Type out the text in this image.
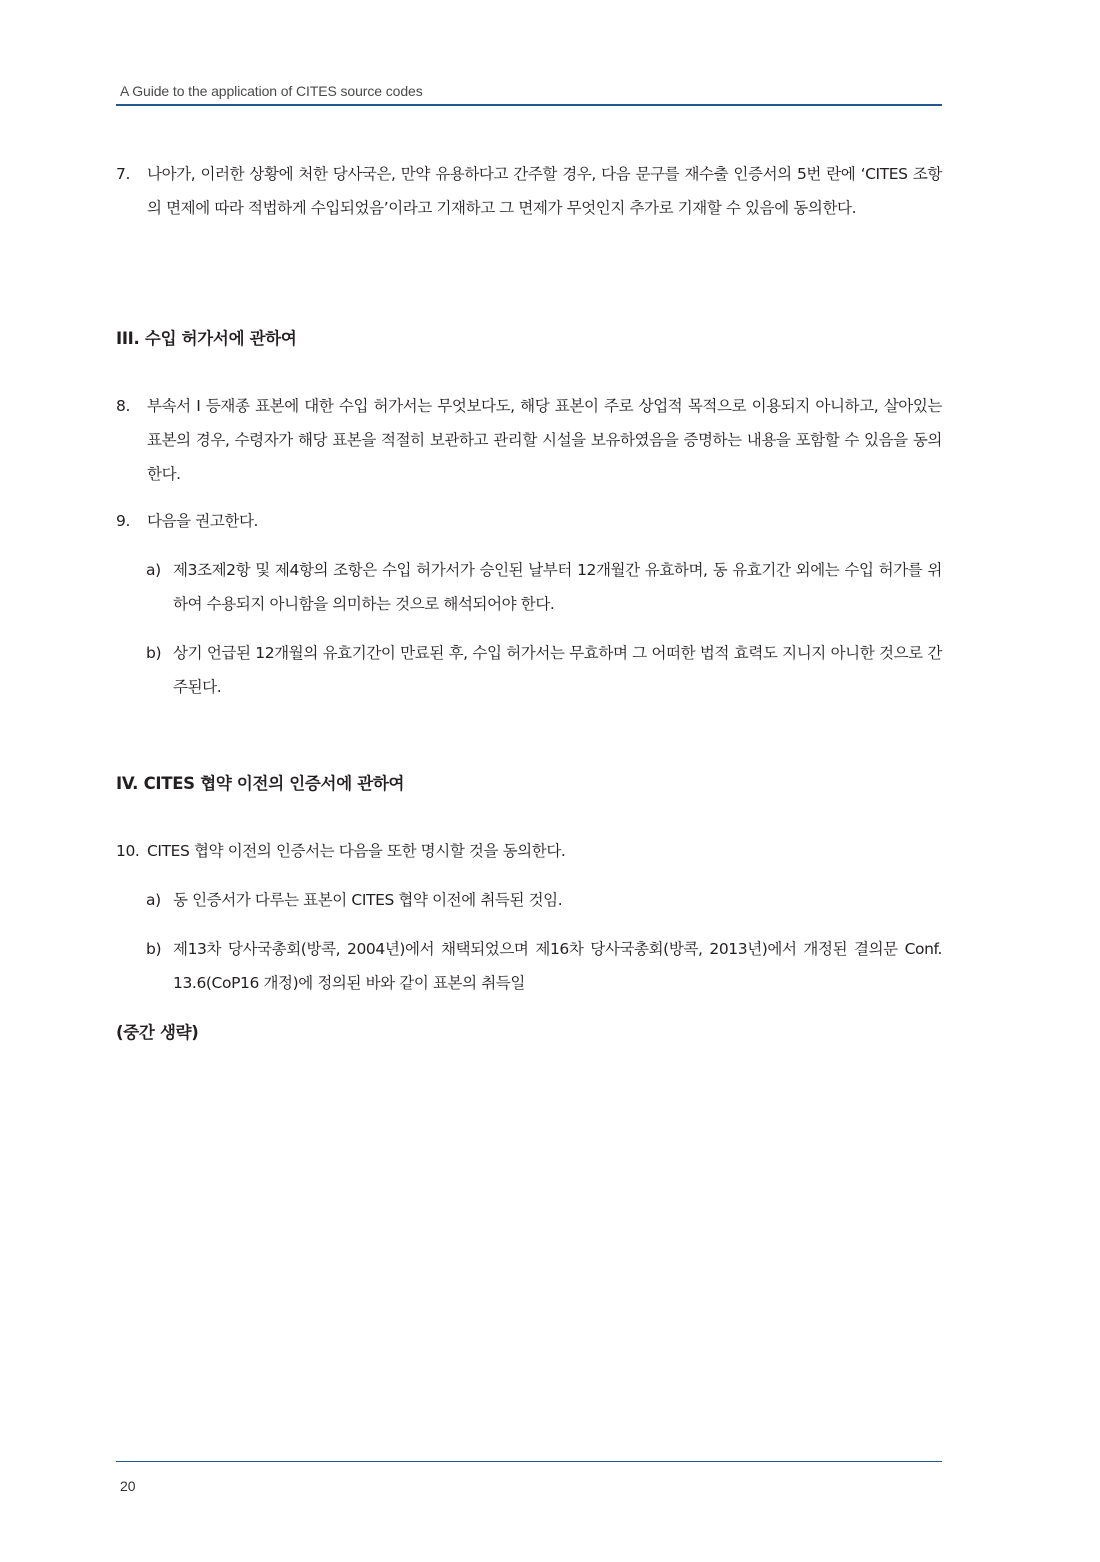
A Guide to the application of CITES source codes
7.	나아가, 이러한 상황에 처한 당사국은, 만약 유용하다고 간주할 경우, 다음 문구를 재수출 인증서의 5번 란에 ‘CITES 조항의 면제에 따라 적법하게 수입되었음’이라고 기재하고 그 면제가 무엇인지 추가로 기재할 수 있음에 동의한다.
III. 수입 허가서에 관하여
8.	부속서 I 등재종 표본에 대한 수입 허가서는 무엇보다도, 해당 표본이 주로 상업적 목적으로 이용되지 아니하고, 살아있는 표본의 경우, 수령자가 해당 표본을 적절히 보관하고 관리할 시설을 보유하였음을 증명하는 내용을 포함할 수 있음을 동의한다.
9.	다음을 권고한다.
a) 제3조제2항 및 제4항의 조항은 수입 허가서가 승인된 날부터 12개월간 유효하며, 동 유효기간 외에는 수입 허가를 위하여 수용되지 아니함을 의미하는 것으로 해석되어야 한다.
b) 상기 언급된 12개월의 유효기간이 만료된 후, 수입 허가서는 무효하며 그 어떠한 법적 효력도 지니지 아니한 것으로 간주된다.
IV. CITES 협약 이전의 인증서에 관하여
10. CITES 협약 이전의 인증서는 다음을 또한 명시할 것을 동의한다.
a) 동 인증서가 다루는 표본이 CITES 협약 이전에 취득된 것임.
b) 제13차 당사국총회(방콕, 2004년)에서 채택되었으며 제16차 당사국총회(방콕, 2013년)에서 개정된 결의문 Conf. 13.6(CoP16 개정)에 정의된 바와 같이 표본의 취득일
(중간 생략)
20
